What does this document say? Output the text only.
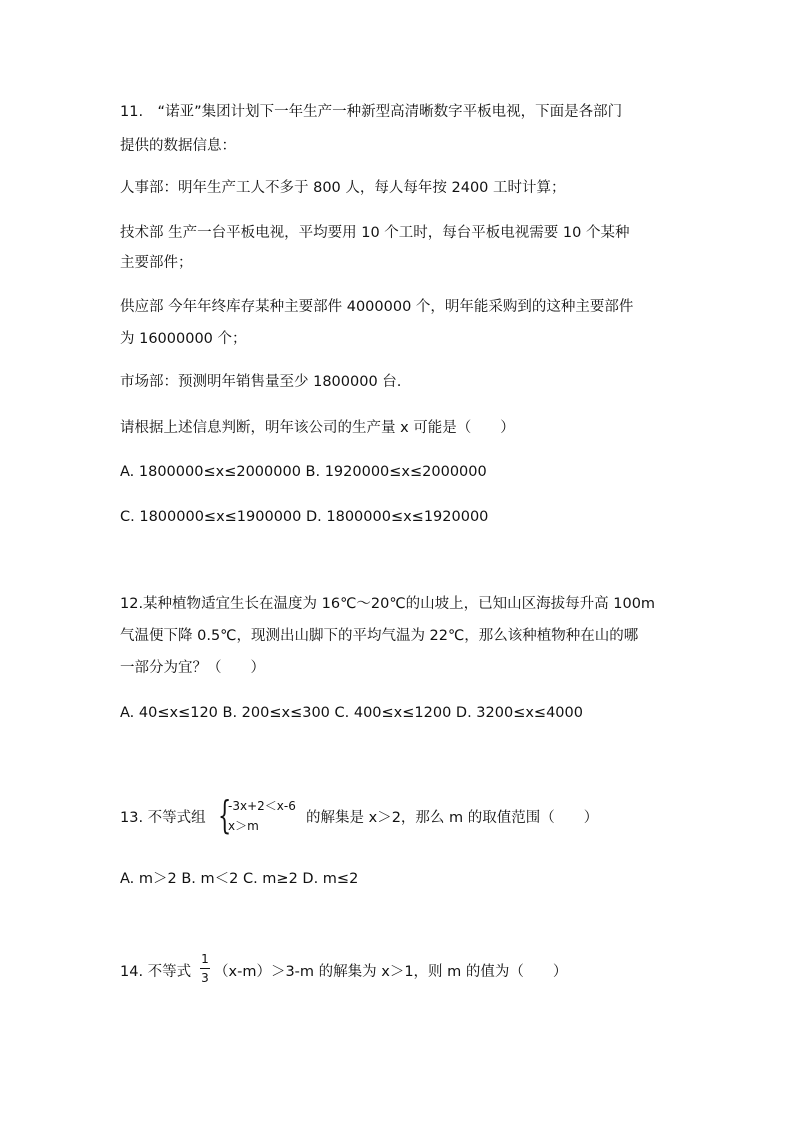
11.　“诺亚”集团计划下一年生产一种新型高清晰数字平板电视，下面是各部门
提供的数据信息：
人事部：明年生产工人不多于 800 人，每人每年按 2400 工时计算；
技术部 生产一台平板电视，平均要用 10 个工时，每台平板电视需要 10 个某种
主要部件；
供应部 今年年终库存某种主要部件 4000000 个，明年能采购到的这种主要部件
为 16000000 个；
市场部：预测明年销售量至少 1800000 台.
请根据上述信息判断，明年该公司的生产量 x 可能是（　　）
A. 1800000≤x≤2000000 B. 1920000≤x≤2000000
C. 1800000≤x≤1900000 D. 1800000≤x≤1920000
12.某种植物适宜生长在温度为 16℃～20℃的山坡上，已知山区海拔每升高 100m
气温便下降 0.5℃，现测出山脚下的平均气温为 22℃，那么该种植物种在山的哪
一部分为宜？（　　）
A. 40≤x≤120 B. 200≤x≤300 C. 400≤x≤1200 D. 3200≤x≤4000
13. 不等式组 {
-3x+2＜x-6
x＞m	的解集是 x＞2，那么 m 的取值范围（　　）
A. m＞2 B. m＜2 C. m≥2 D. m≤2
14. 不等式 $\frac{1}{3} (x-m)>3-m$ 的解集为 x＞1，则 m 的值为（　　）
